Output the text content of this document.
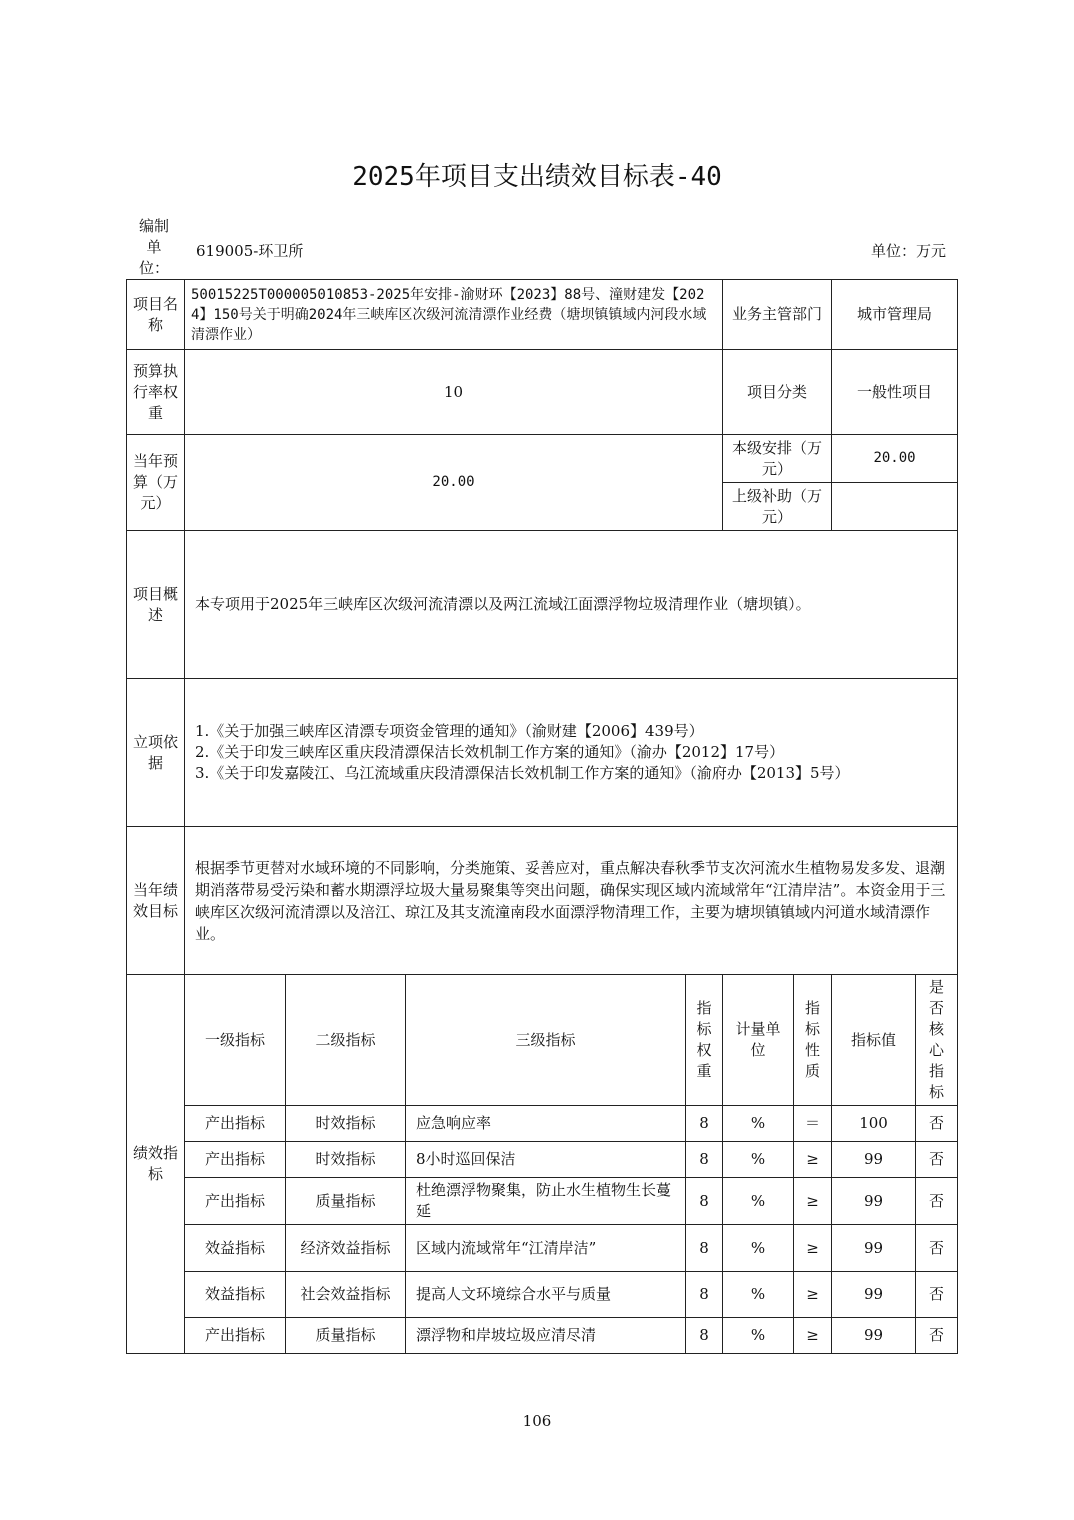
2025年项目支出绩效目标表-40
编制单位：
619005-环卫所	单位：万元
项目名称	50015225T000005010853-2025年安排-渝财环【2023】88号、潼财建发【2024】150号关于明确2024年三峡库区次级河流清漂作业经费（塘坝镇镇域内河段水域清漂作业）				业务主管部门		城市管理局	
预算执行率权重	10				项目分类		一般性项目	
当年预算（万元）	20.00				本级安排（万元）		20.00	
					上级补助（万元）			
项目概述	本专项用于2025年三峡库区次级河流清漂以及两江流域江面漂浮物垃圾清理作业（塘坝镇）。							
立项依据	1.《关于加强三峡库区清漂专项资金管理的通知》（渝财建【2006】439号）
2.《关于印发三峡库区重庆段清漂保洁长效机制工作方案的通知》（渝办【2012】17号）
3.《关于印发嘉陵江、乌江流域重庆段清漂保洁长效机制工作方案的通知》（渝府办【2013】5号）							

当年绩效目标	根据季节更替对水域环境的不同影响，分类施策、妥善应对，重点解决春秋季节支次河流水生植物易发多发、退潮期消落带易受污染和蓄水期漂浮垃圾大量易聚集等突出问题，确保实现区域内流域常年“江清岸洁”。本资金用于三峡库区次级河流清漂以及涪江、琼江及其支流潼南段水面漂浮物清理工作，主要为塘坝镇镇域内河道水域清漂作业。							
绩效指标	一级指标	二级指标	三级指标	指标权重	计量单位	指标性质	指标值	是否核心指标
	产出指标	时效指标	应急响应率	8	%	＝	100	否
	产出指标	时效指标	8小时巡回保洁	8	%	≥	99	否
	产出指标	质量指标	杜绝漂浮物聚集，防止水生植物生长蔓延	8	%	≥	99	否
	效益指标	经济效益指标	区域内流域常年“江清岸洁”	8	%	≥	99	否
	效益指标	社会效益指标	提高人文环境综合水平与质量	8	%	≥	99	否
	产出指标	质量指标	漂浮物和岸坡垃圾应清尽清	8	%	≥	99	否
106
